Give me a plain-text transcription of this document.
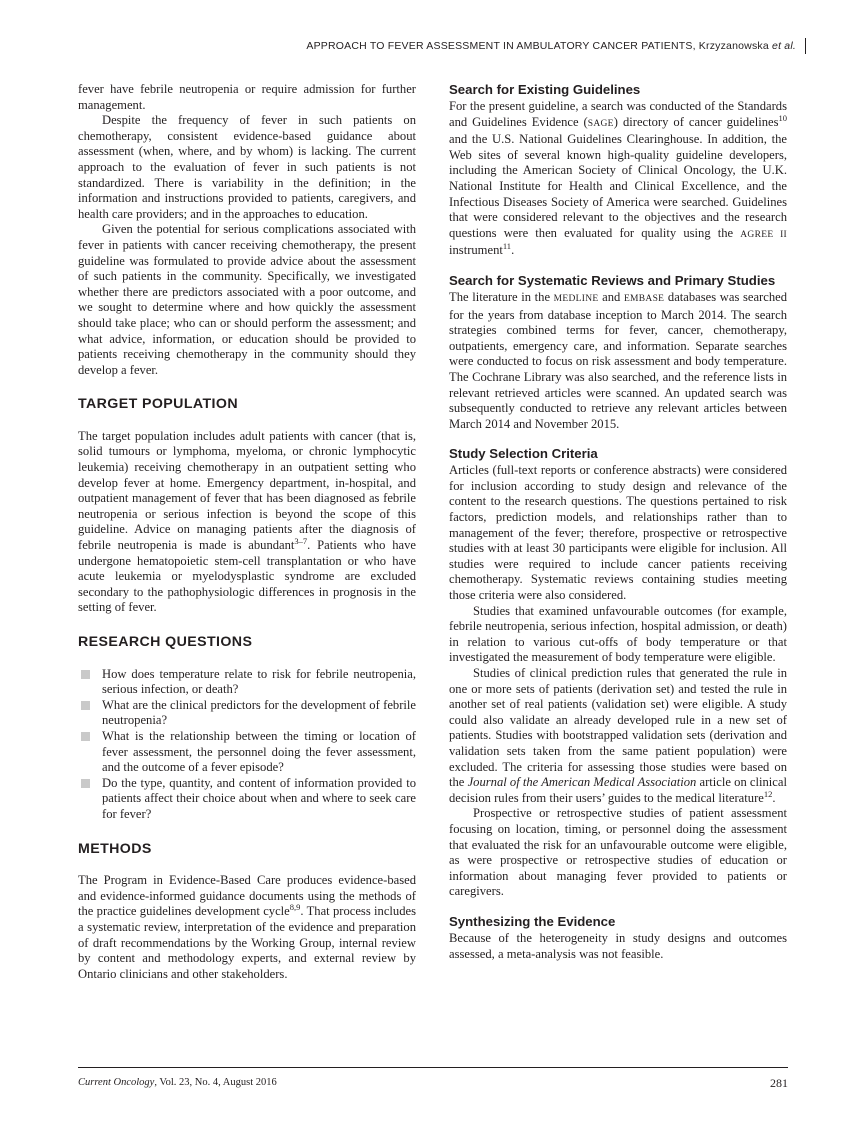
APPROACH TO FEVER ASSESSMENT IN AMBULATORY CANCER PATIENTS, Krzyzanowska et al.

fever have febrile neutropenia or require admission for further management.

Despite the frequency of fever in such patients on chemotherapy, consistent evidence-based guidance about assessment (when, where, and by whom) is lacking. The current approach to the evaluation of fever in such patients is not standardized. There is variability in the definition; in the information and instructions provided to patients, caregivers, and health care providers; and in the approaches to education.

Given the potential for serious complications associated with fever in patients with cancer receiving chemotherapy, the present guideline was formulated to provide advice about the assessment of such patients in the community. Specifically, we investigated whether there are predictors associated with a poor outcome, and we sought to determine where and how quickly the assessment should take place; who can or should perform the assessment; and what advice, information, or education should be provided to patients receiving chemotherapy in the community should they develop a fever.

TARGET POPULATION

The target population includes adult patients with cancer (that is, solid tumours or lymphoma, myeloma, or chronic lymphocytic leukemia) receiving chemotherapy in an outpatient setting who develop fever at home. Emergency department, in-hospital, and outpatient management of fever that has been diagnosed as febrile neutropenia or serious infection is beyond the scope of this guideline. Advice on managing patients after the diagnosis of febrile neutropenia is made is abundant$^{3-7}$. Patients who have undergone hematopoietic stem-cell transplantation or who have acute leukemia or myelodysplastic syndrome are excluded secondary to the pathophysiologic differences in prognosis in the setting of fever.

RESEARCH QUESTIONS
How does temperature relate to risk for febrile neutropenia, serious infection, or death?
What are the clinical predictors for the development of febrile neutropenia?
What is the relationship between the timing or location of fever assessment, the personnel doing the fever assessment, and the outcome of a fever episode?
Do the type, quantity, and content of information provided to patients affect their choice about when and where to seek care for fever?
METHODS

The Program in Evidence-Based Care produces evidence-based and evidence-informed guidance documents using the methods of the practice guidelines development cycle$^{8,9}$. That process includes a systematic review, interpretation of the evidence and preparation of draft recommendations by the Working Group, internal review by content and methodology experts, and external review by Ontario clinicians and other stakeholders.

Search for Existing Guidelines

For the present guideline, a search was conducted of the Standards and Guidelines Evidence (SAGE) directory of cancer guidelines$^{10}$ and the U.S. National Guidelines Clearinghouse. In addition, the Web sites of several known high-quality guideline developers, including the American Society of Clinical Oncology, the U.K. National Institute for Health and Clinical Excellence, and the Infectious Diseases Society of America were searched. Guidelines that were considered relevant to the objectives and the research questions were then evaluated for quality using the AGREE II instrument$^{11}$.

Search for Systematic Reviews and Primary Studies

The literature in the MEDLINE and EMBASE databases was searched for the years from database inception to March 2014. The search strategies combined terms for fever, cancer, chemotherapy, outpatients, emergency care, and information. Separate searches were conducted to focus on risk assessment and body temperature. The Cochrane Library was also searched, and the reference lists in relevant retrieved articles were scanned. An updated search was subsequently conducted to retrieve any relevant articles between March 2014 and November 2015.

Study Selection Criteria

Articles (full-text reports or conference abstracts) were considered for inclusion according to study design and relevance of the content to the research questions. The questions pertained to risk factors, prediction models, and relationships rather than to management of the fever; therefore, prospective or retrospective studies with at least 30 participants were eligible for inclusion. All studies were required to include cancer patients receiving chemotherapy. Systematic reviews containing studies meeting those criteria were also considered.

Studies that examined unfavourable outcomes (for example, febrile neutropenia, serious infection, hospital admission, or death) in relation to various cut-offs of body temperature or that investigated the measurement of body temperature were eligible.

Studies of clinical prediction rules that generated the rule in one or more sets of patients (derivation set) and tested the rule in another set of real patients (validation set) were eligible. A study could also validate an already developed rule in a new set of patients. Studies with bootstrapped validation sets (derivation and validation sets taken from the same patient population) were excluded. The criteria for assessing those studies were based on the Journal of the American Medical Association article on clinical decision rules from their users’ guides to the medical literature$^{12}$.

Prospective or retrospective studies of patient assessment focusing on location, timing, or personnel doing the assessment that evaluated the risk for an unfavourable outcome were eligible, as were prospective or retrospective studies of education or information about managing fever provided to patients or caregivers.

Synthesizing the Evidence

Because of the heterogeneity in study designs and outcomes assessed, a meta-analysis was not feasible.

Current Oncology, Vol. 23, No. 4, August 2016	281
